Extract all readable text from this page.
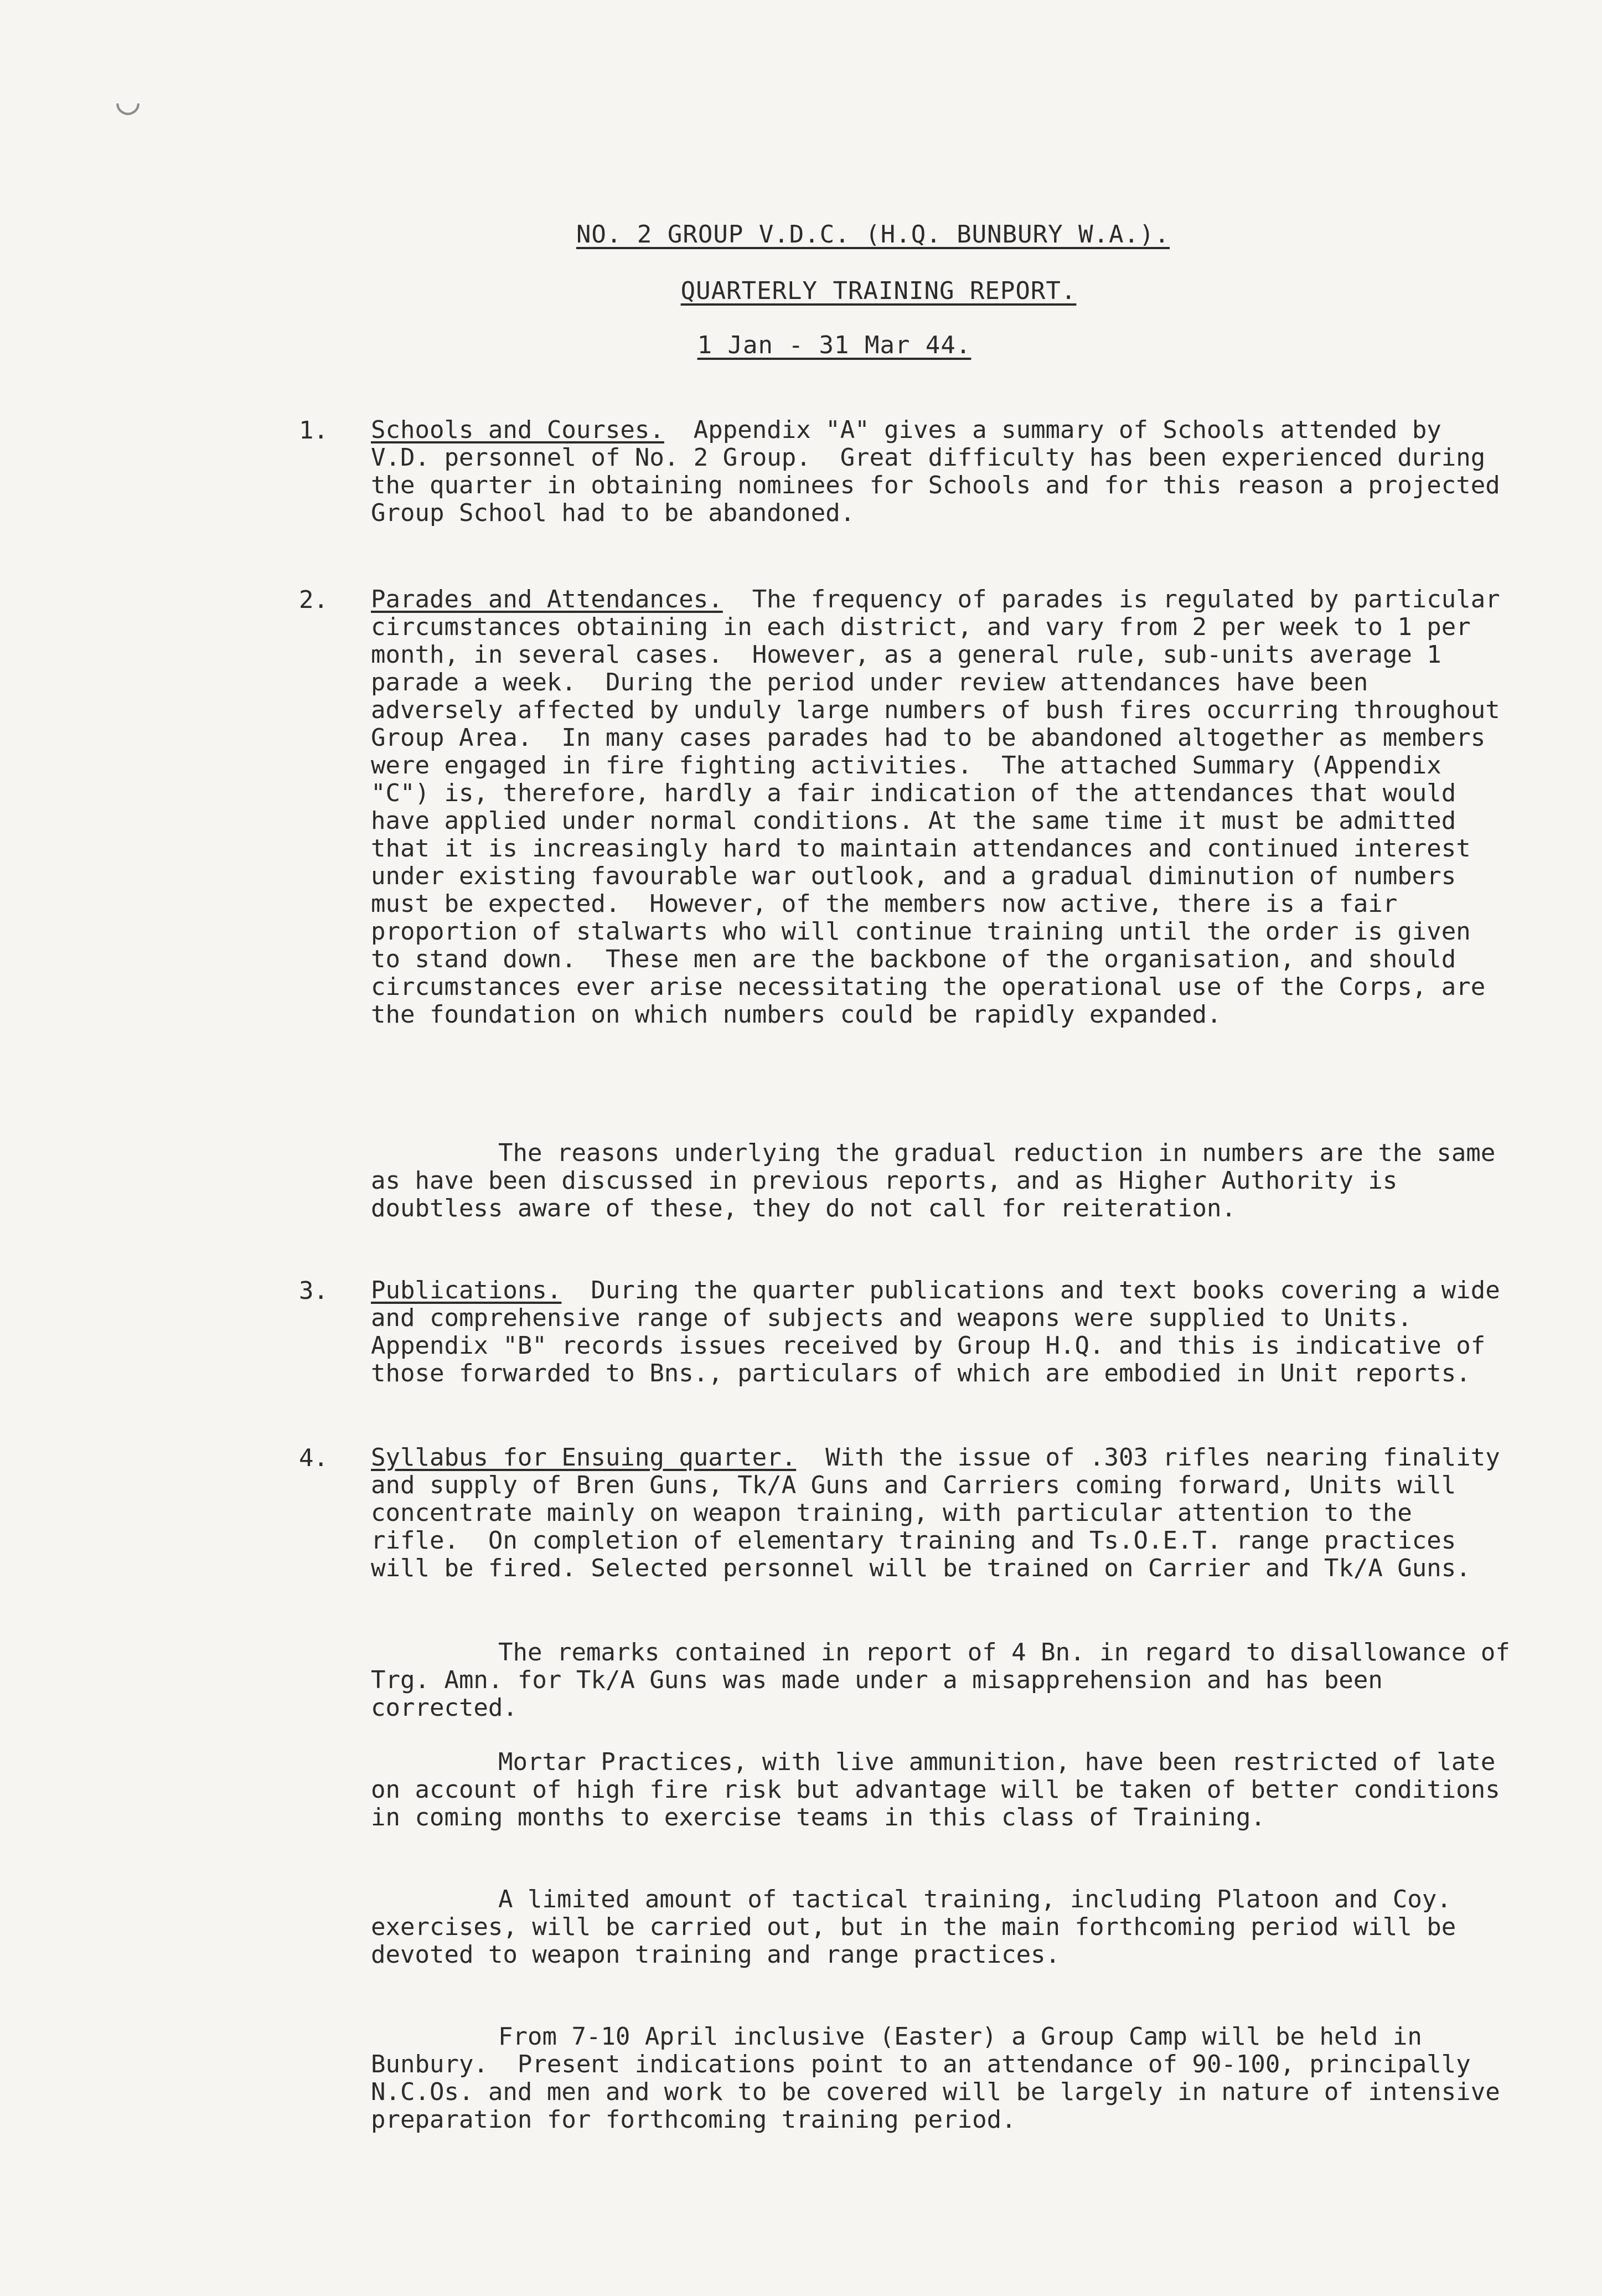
◡
NO. 2 GROUP V.D.C. (H.Q. BUNBURY W.A.).
QUARTERLY TRAINING REPORT.
1 Jan - 31 Mar 44.
1. Schools and Courses.  Appendix "A" gives a summary of Schools attended by V.D. personnel of No. 2 Group.  Great difficulty has been experienced during the quarter in obtaining nominees for Schools and for this reason a projected Group School had to be abandoned.
2. Parades and Attendances.  The frequency of parades is regulated by particular circumstances obtaining in each district, and vary from 2 per week to 1 per month, in several cases.  However, as a general rule, sub-units average 1 parade a week.  During the period under review attendances have been adversely affected by unduly large numbers of bush fires occurring throughout Group Area.  In many cases parades had to be abandoned altogether as members were engaged in fire fighting activities.  The attached Summary (Appendix "C") is, therefore, hardly a fair indication of the attendances that would have applied under normal conditions. At the same time it must be admitted that it is increasingly hard to maintain attendances and continued interest under existing favourable war outlook, and a gradual diminution of numbers must be expected.  However, of the members now active, there is a fair proportion of stalwarts who will continue training until the order is given to stand down.  These men are the backbone of the organisation, and should circumstances ever arise necessitating the operational use of the Corps, are the foundation on which numbers could be rapidly expanded.
The reasons underlying the gradual reduction in numbers are the same as have been discussed in previous reports, and as Higher Authority is doubtless aware of these, they do not call for reiteration.
3. Publications.  During the quarter publications and text books covering a wide and comprehensive range of subjects and weapons were supplied to Units.  Appendix "B" records issues received by Group H.Q. and this is indicative of those forwarded to Bns., particulars of which are embodied in Unit reports.
4. Syllabus for Ensuing quarter.  With the issue of .303 rifles nearing finality and supply of Bren Guns, Tk/A Guns and Carriers coming forward, Units will concentrate mainly on weapon training, with particular attention to the rifle.  On completion of elementary training and Ts.O.E.T. range practices will be fired. Selected personnel will be trained on Carrier and Tk/A Guns.
The remarks contained in report of 4 Bn. in regard to disallowance of Trg. Amn. for Tk/A Guns was made under a misapprehension and has been corrected.
Mortar Practices, with live ammunition, have been restricted of late on account of high fire risk but advantage will be taken of better conditions in coming months to exercise teams in this class of Training.
A limited amount of tactical training, including Platoon and Coy. exercises, will be carried out, but in the main forthcoming period will be devoted to weapon training and range practices.
From 7-10 April inclusive (Easter) a Group Camp will be held in Bunbury.  Present indications point to an attendance of 90-100, principally N.C.Os. and men and work to be covered will be largely in nature of intensive preparation for forthcoming training period.
